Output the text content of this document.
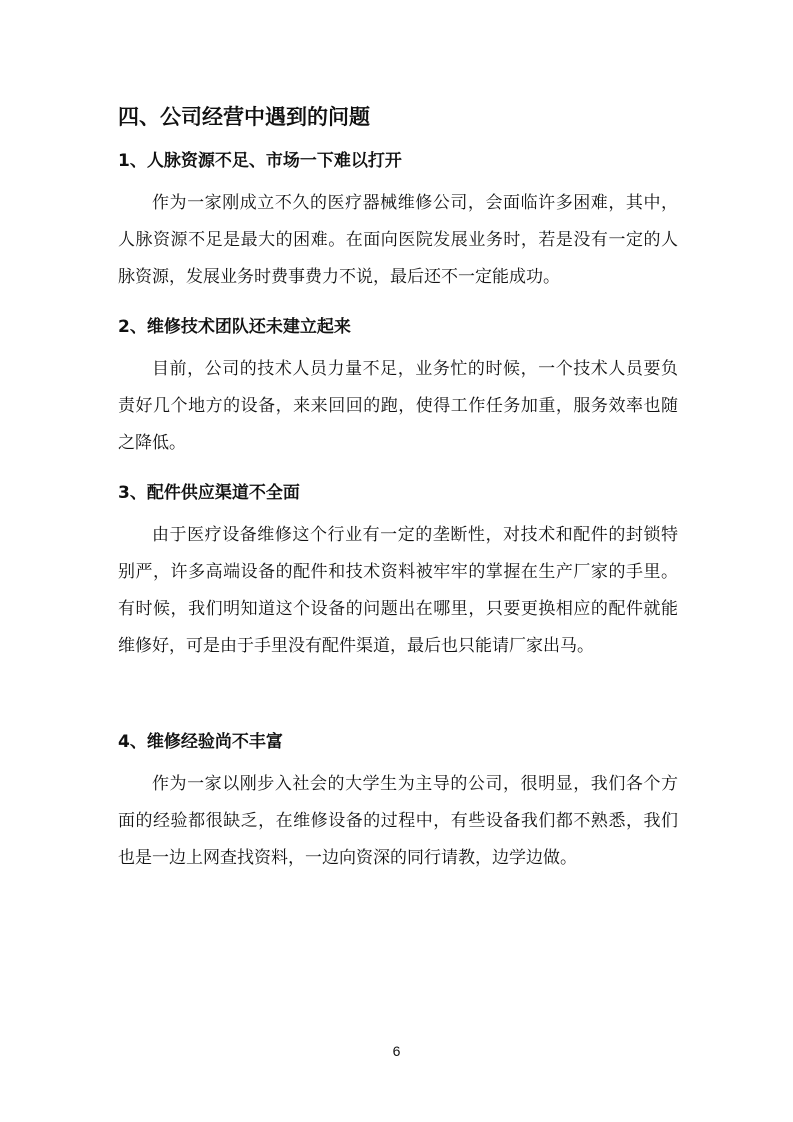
四、公司经营中遇到的问题
1、人脉资源不足、市场一下难以打开

作为一家刚成立不久的医疗器械维修公司，会面临许多困难，其中，人脉资源不足是最大的困难。在面向医院发展业务时，若是没有一定的人脉资源，发展业务时费事费力不说，最后还不一定能成功。

2、维修技术团队还未建立起来

目前，公司的技术人员力量不足，业务忙的时候，一个技术人员要负责好几个地方的设备，来来回回的跑，使得工作任务加重，服务效率也随之降低。

3、配件供应渠道不全面

由于医疗设备维修这个行业有一定的垄断性，对技术和配件的封锁特别严，许多高端设备的配件和技术资料被牢牢的掌握在生产厂家的手里。有时候，我们明知道这个设备的问题出在哪里，只要更换相应的配件就能维修好，可是由于手里没有配件渠道，最后也只能请厂家出马。

4、维修经验尚不丰富

作为一家以刚步入社会的大学生为主导的公司，很明显，我们各个方面的经验都很缺乏，在维修设备的过程中，有些设备我们都不熟悉，我们也是一边上网查找资料，一边向资深的同行请教，边学边做。

6
